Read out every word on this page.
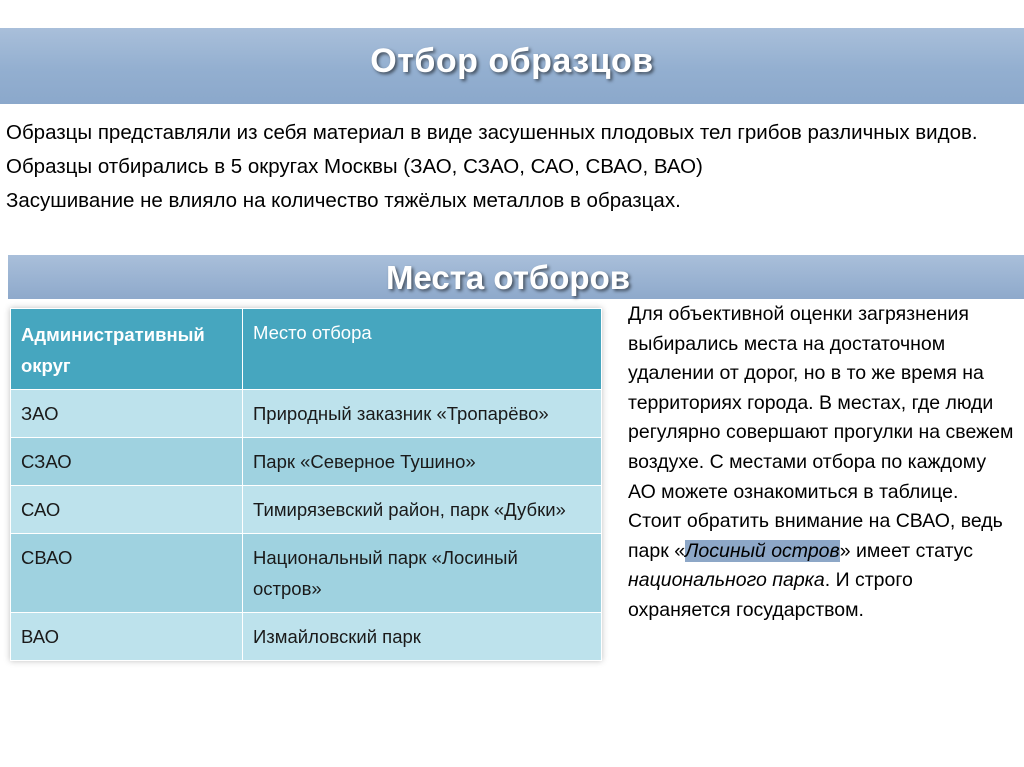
Отбор образцов

Образцы представляли из себя материал в виде засушенных плодовых тел грибов различных видов. Образцы отбирались в 5 округах Москвы (ЗАО, СЗАО, САО, СВАО, ВАО)

Засушивание не влияло на количество тяжёлых металлов в образцах.

Места отборов
Административный округ	Место отбора
ЗАО	Природный заказник «Тропарёво»
СЗАО	Парк «Северное Тушино»
САО	Тимирязевский район, парк «Дубки»
СВАО	Национальный парк «Лосиный остров»
ВАО	Измайловский парк

Для объективной оценки загрязнения выбирались места на достаточном удалении от дорог, но в то же время на территориях города. В местах, где люди регулярно совершают прогулки на свежем воздухе. С местами отбора по каждому АО можете ознакомиться в таблице.

Стоит обратить внимание на СВАО, ведь парк «Лосиный остров» имеет статус национального парка. И строго охраняется государством.
